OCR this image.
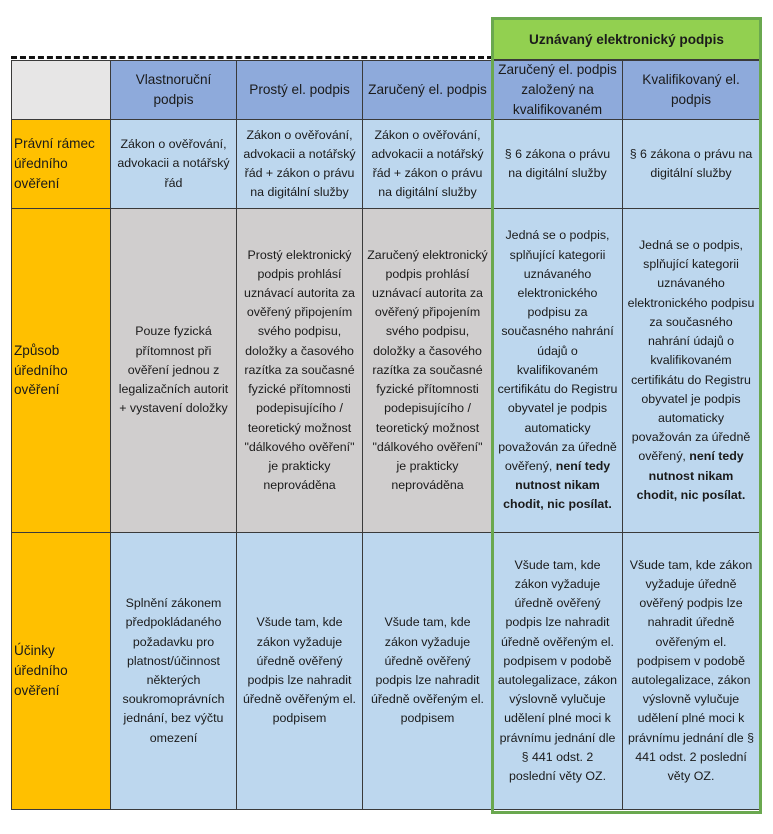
Uznávaný elektronický podpis
Vlastnoruční podpis
Prostý el. podpis	Zaručený el. podpis
Zaručený el. podpis založený na kvalifikovaném
Kvalifikovaný el. podpis
Právní rámec úředního ověření
Zákon o ověřování, advokacii a notářský řád
Zákon o ověřování, advokacii a notářský řád + zákon o právu na digitální služby
Zákon o ověřování, advokacii a notářský řád + zákon o právu na digitální služby
§ 6 zákona o právu na digitální služby
§ 6 zákona o právu na digitální služby
Způsob úředního ověření
Pouze fyzická přítomnost při ověření jednou z legalizačních autorit + vystavení doložky
Prostý elektronický podpis prohlásí uznávací autorita za ověřený připojením svého podpisu, doložky a časového razítka za současné fyzické přítomnosti podepisujícího / teoretický možnost "dálkového ověření" je prakticky neprováděna
Zaručený elektronický podpis prohlásí uznávací autorita za ověřený připojením svého podpisu, doložky a časového razítka za současné fyzické přítomnosti podepisujícího / teoretický možnost "dálkového ověření" je prakticky neprováděna
Jedná se o podpis, splňující kategorii uznávaného elektronického podpisu za současného nahrání údajů o kvalifikovaném certifikátu do Registru obyvatel je podpis automaticky považován za úředně ověřený, není tedy nutnost nikam chodit, nic posílat.
Jedná se o podpis, splňující kategorii uznávaného elektronického podpisu za současného nahrání údajů o kvalifikovaném certifikátu do Registru obyvatel je podpis automaticky považován za úředně ověřený, není tedy nutnost nikam chodit, nic posílat.
Účinky úředního ověření
Splnění zákonem předpokládaného požadavku pro platnost/účinnost některých soukromoprávních jednání, bez výčtu omezení
Všude tam, kde zákon vyžaduje úředně ověřený podpis lze nahradit úředně ověřeným el. podpisem
Všude tam, kde zákon vyžaduje úředně ověřený podpis lze nahradit úředně ověřeným el. podpisem
Všude tam, kde zákon vyžaduje úředně ověřený podpis lze nahradit úředně ověřeným el. podpisem v podobě autolegalizace, zákon výslovně vylučuje udělení plné moci k právnímu jednání dle § 441 odst. 2 poslední věty OZ.
Všude tam, kde zákon vyžaduje úředně ověřený podpis lze nahradit úředně ověřeným el. podpisem v podobě autolegalizace, zákon výslovně vylučuje udělení plné moci k právnímu jednání dle § 441 odst. 2 poslední věty OZ.
